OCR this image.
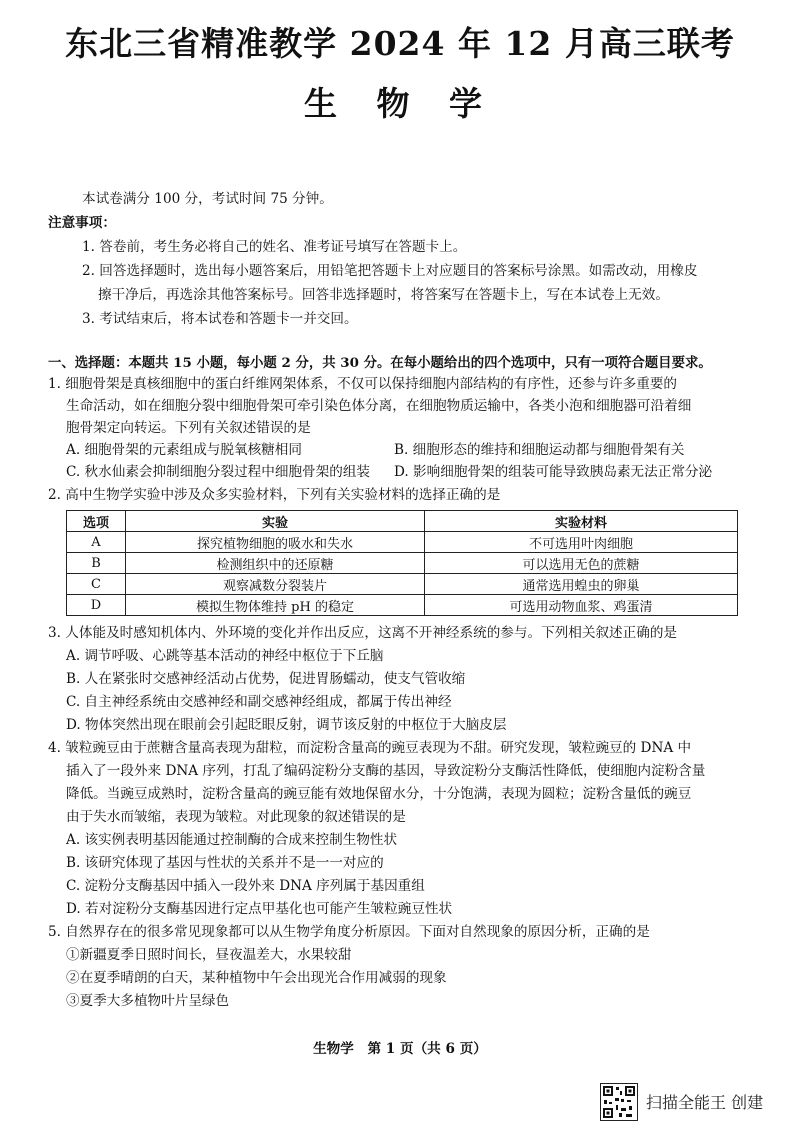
东北三省精准教学 2024 年 12 月高三联考
生 物 学
本试卷满分 100 分，考试时间 75 分钟。
注意事项：
1. 答卷前，考生务必将自己的姓名、准考证号填写在答题卡上。
2. 回答选择题时，选出每小题答案后，用铅笔把答题卡上对应题目的答案标号涂黑。如需改动，用橡皮
擦干净后，再选涂其他答案标号。回答非选择题时，将答案写在答题卡上，写在本试卷上无效。
3. 考试结束后，将本试卷和答题卡一并交回。
一、选择题：本题共 15 小题，每小题 2 分，共 30 分。在每小题给出的四个选项中，只有一项符合题目要求。
1. 细胞骨架是真核细胞中的蛋白纤维网架体系，不仅可以保持细胞内部结构的有序性，还参与许多重要的
生命活动，如在细胞分裂中细胞骨架可牵引染色体分离，在细胞物质运输中，各类小泡和细胞器可沿着细
胞骨架定向转运。下列有关叙述错误的是
A. 细胞骨架的元素组成与脱氧核糖相同	B. 细胞形态的维持和细胞运动都与细胞骨架有关
C. 秋水仙素会抑制细胞分裂过程中细胞骨架的组装 D. 影响细胞骨架的组装可能导致胰岛素无法正常分泌
2. 高中生物学实验中涉及众多实验材料，下列有关实验材料的选择正确的是
选项	实验	实验材料
A	探究植物细胞的吸水和失水	不可选用叶肉细胞
B	检测组织中的还原糖	可以选用无色的蔗糖
C	观察减数分裂装片	通常选用蝗虫的卵巢
D	模拟生物体维持 pH 的稳定	可选用动物血浆、鸡蛋清
3. 人体能及时感知机体内、外环境的变化并作出反应，这离不开神经系统的参与。下列相关叙述正确的是
A. 调节呼吸、心跳等基本活动的神经中枢位于下丘脑
B. 人在紧张时交感神经活动占优势，促进胃肠蠕动，使支气管收缩
C. 自主神经系统由交感神经和副交感神经组成，都属于传出神经
D. 物体突然出现在眼前会引起眨眼反射，调节该反射的中枢位于大脑皮层
4. 皱粒豌豆由于蔗糖含量高表现为甜粒，而淀粉含量高的豌豆表现为不甜。研究发现，皱粒豌豆的 DNA 中
插入了一段外来 DNA 序列，打乱了编码淀粉分支酶的基因，导致淀粉分支酶活性降低，使细胞内淀粉含量
降低。当豌豆成熟时，淀粉含量高的豌豆能有效地保留水分，十分饱满，表现为圆粒；淀粉含量低的豌豆
由于失水而皱缩，表现为皱粒。对此现象的叙述错误的是
A. 该实例表明基因能通过控制酶的合成来控制生物性状
B. 该研究体现了基因与性状的关系并不是一一对应的
C. 淀粉分支酶基因中插入一段外来 DNA 序列属于基因重组
D. 若对淀粉分支酶基因进行定点甲基化也可能产生皱粒豌豆性状
5. 自然界存在的很多常见现象都可以从生物学角度分析原因。下面对自然现象的原因分析，正确的是
①新疆夏季日照时间长，昼夜温差大，水果较甜
②在夏季晴朗的白天，某种植物中午会出现光合作用减弱的现象
③夏季大多植物叶片呈绿色
生物学　第 1 页（共 6 页）
扫描全能王 创建
